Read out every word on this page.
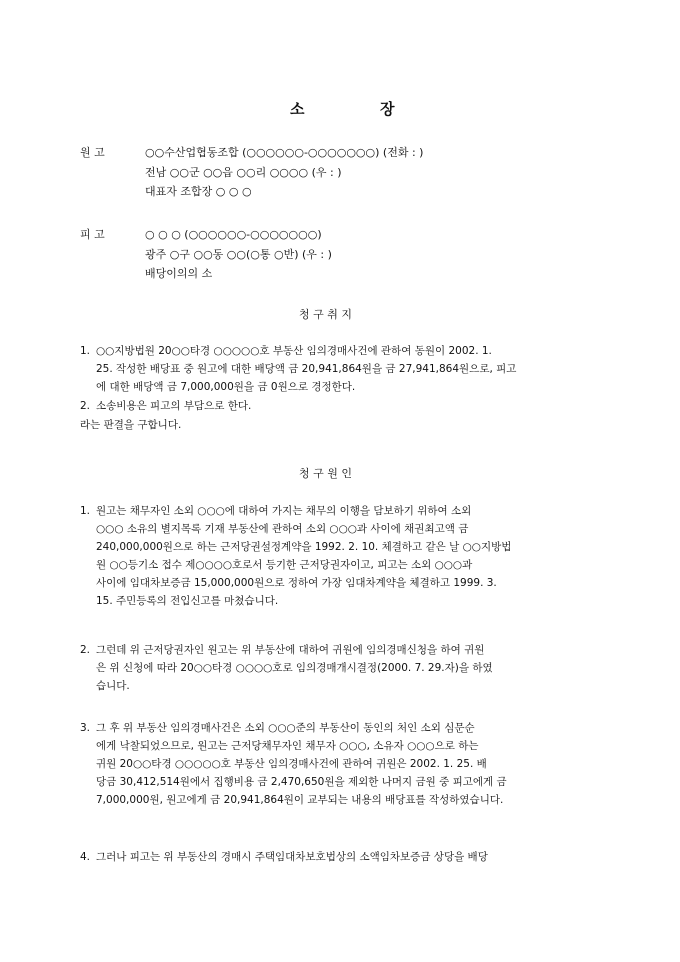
소	장
원 고	○○수산업협동조합 (○○○○○○-○○○○○○○) (전화 : )
전남 ○○군 ○○읍 ○○리 ○○○○ (우 : )
대표자 조합장 ○ ○ ○
피 고	○ ○ ○ (○○○○○○-○○○○○○○)
광주 ○구 ○○동 ○○(○통 ○반) (우 : )
배당이의의 소
청 구 취 지
1. ○○지방법원 20○○타경 ○○○○○호 부동산 임의경매사건에 관하여 동원이 2002. 1.
25. 작성한 배당표 중 원고에 대한 배당액 금 20,941,864원을 금 27,941,864원으로, 피고
에 대한 배당액 금 7,000,000원을 금 0원으로 경정한다.
2. 소송비용은 피고의 부담으로 한다.
라는 판결을 구합니다.
청 구 원 인
1. 원고는 채무자인 소외 ○○○에 대하여 가지는 채무의 이행을 담보하기 위하여 소외
○○○ 소유의 별지목록 기재 부동산에 관하여 소외 ○○○과 사이에 채권최고액 금
240,000,000원으로 하는 근저당권설정계약을 1992. 2. 10. 체결하고 같은 날 ○○지방법
원 ○○등기소 접수 제○○○○호로서 등기한 근저당권자이고, 피고는 소외 ○○○과
사이에 임대차보증금 15,000,000원으로 정하여 가장 임대차계약을 체결하고 1999. 3.
15. 주민등록의 전입신고를 마쳤습니다.
2. 그런데 위 근저당권자인 원고는 위 부동산에 대하여 귀원에 임의경매신청을 하여 귀원
은 위 신청에 따라 20○○타경 ○○○○호로 임의경매개시결정(2000. 7. 29.자)을 하였
습니다.
3. 그 후 위 부동산 임의경매사건은 소외 ○○○준의 부동산이 동인의 처인 소외 심문순
에게 낙찰되었으므로, 원고는 근저당채무자인 채무자 ○○○, 소유자 ○○○으로 하는
귀원 20○○타경 ○○○○○호 부동산 임의경매사건에 관하여 귀원은 2002. 1. 25. 배
당금 30,412,514원에서 집행비용 금 2,470,650원을 제외한 나머지 금원 중 피고에게 금
7,000,000원, 원고에게 금 20,941,864원이 교부되는 내용의 배당표를 작성하였습니다.
4. 그러나 피고는 위 부동산의 경매시 주택임대차보호법상의 소액임차보증금 상당을 배당
